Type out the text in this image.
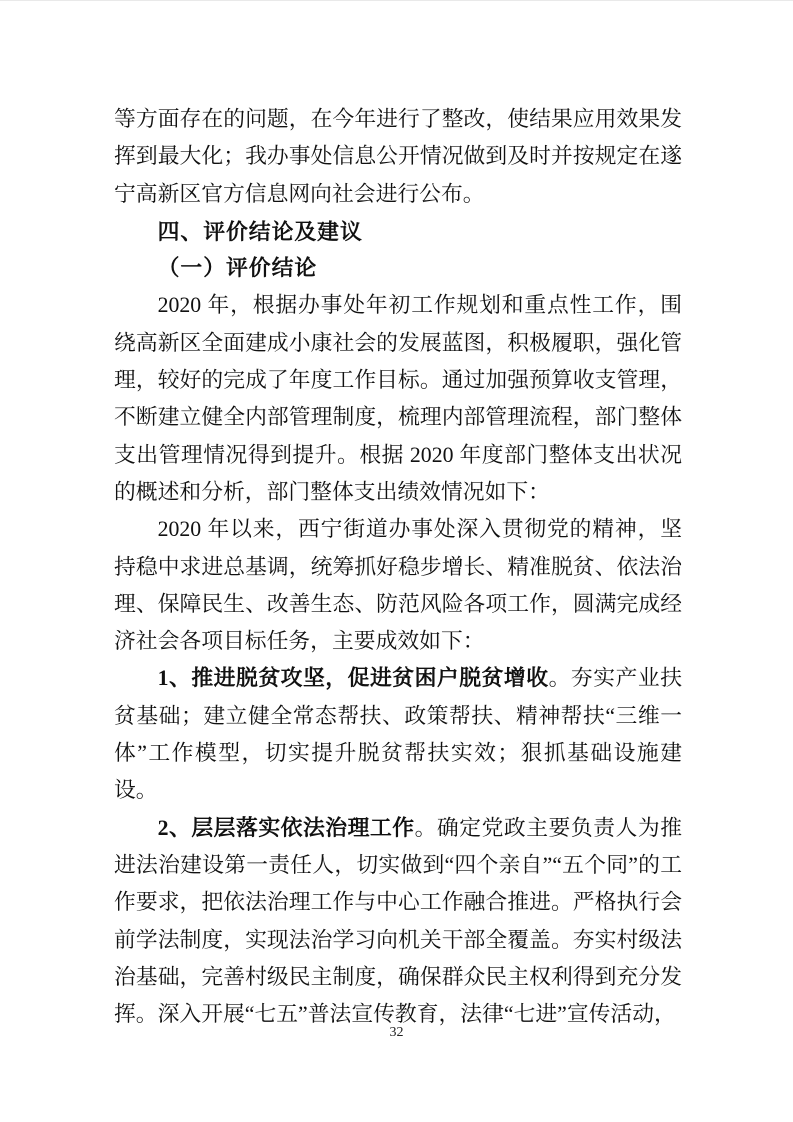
等方面存在的问题，在今年进行了整改，使结果应用效果发挥到最大化；我办事处信息公开情况做到及时并按规定在遂宁高新区官方信息网向社会进行公布。

四、评价结论及建议
（一）评价结论

2020 年，根据办事处年初工作规划和重点性工作，围绕高新区全面建成小康社会的发展蓝图，积极履职，强化管理，较好的完成了年度工作目标。通过加强预算收支管理，不断建立健全内部管理制度，梳理内部管理流程，部门整体支出管理情况得到提升。根据 2020 年度部门整体支出状况的概述和分析，部门整体支出绩效情况如下：

2020 年以来，西宁街道办事处深入贯彻党的精神，坚持稳中求进总基调，统筹抓好稳步增长、精准脱贫、依法治理、保障民生、改善生态、防范风险各项工作，圆满完成经济社会各项目标任务，主要成效如下：

1、推进脱贫攻坚，促进贫困户脱贫增收。夯实产业扶贫基础；建立健全常态帮扶、政策帮扶、精神帮扶“三维一体”工作模型，切实提升脱贫帮扶实效；狠抓基础设施建设。

2、层层落实依法治理工作。确定党政主要负责人为推进法治建设第一责任人，切实做到“四个亲自”“五个同”的工作要求，把依法治理工作与中心工作融合推进。严格执行会前学法制度，实现法治学习向机关干部全覆盖。夯实村级法治基础，完善村级民主制度，确保群众民主权利得到充分发挥。深入开展“七五”普法宣传教育，法律“七进”宣传活动，

32
